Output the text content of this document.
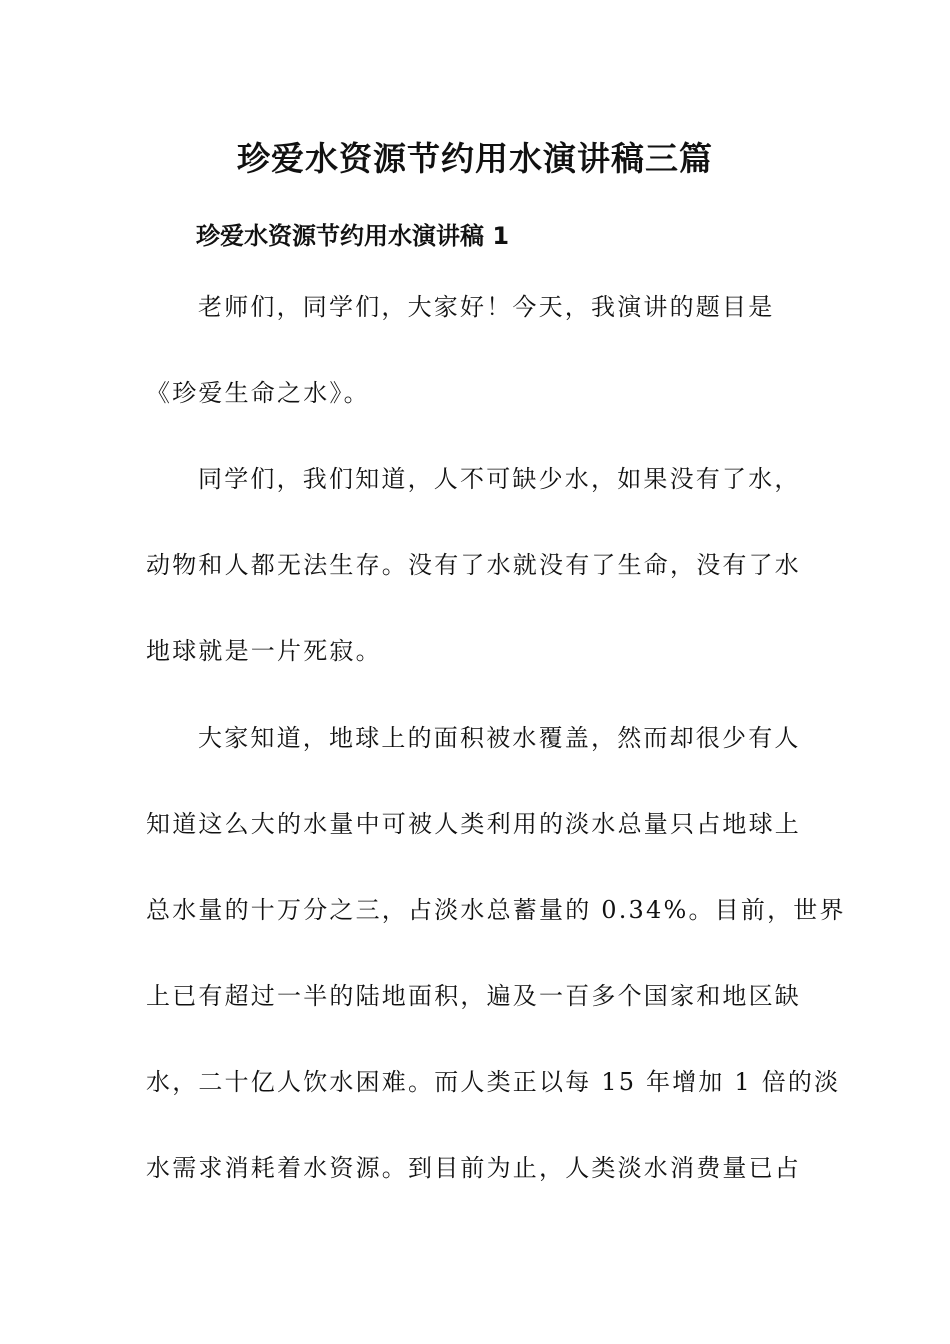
珍爱水资源节约用水演讲稿三篇
珍爱水资源节约用水演讲稿 1
老师们，同学们，大家好！今天，我演讲的题目是
《珍爱生命之水》。
同学们，我们知道，人不可缺少水，如果没有了水，
动物和人都无法生存。没有了水就没有了生命，没有了水
地球就是一片死寂。
大家知道，地球上的面积被水覆盖，然而却很少有人
知道这么大的水量中可被人类利用的淡水总量只占地球上
总水量的十万分之三，占淡水总蓄量的 0.34%。目前，世界
上已有超过一半的陆地面积，遍及一百多个国家和地区缺
水，二十亿人饮水困难。而人类正以每 15 年增加 1 倍的淡
水需求消耗着水资源。到目前为止，人类淡水消费量已占
